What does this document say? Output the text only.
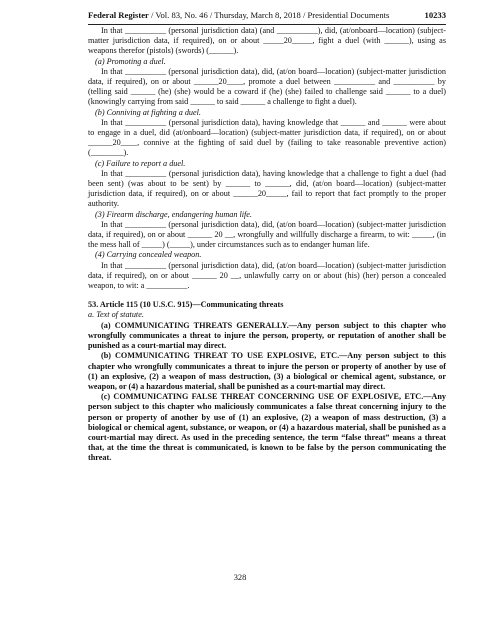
Federal Register / Vol. 83, No. 46 / Thursday, March 8, 2018 / Presidential Documents	10233

In that __________ (personal jurisdiction data) (and __________), did, (at/onboard—location) (subject-matter jurisdiction data, if required), on or about _____20_____, fight a duel (with ______), using as weapons therefor (pistols) (swords) (______).

(a) Promoting a duel.

In that __________ (personal jurisdiction data), did, (at/on board—location) (subject-matter jurisdiction data, if required), on or about ______20____, promote a duel between __________ and __________ by (telling said ______ (he) (she) would be a coward if (he) (she) failed to challenge said ______ to a duel) (knowingly carrying from said ______ to said ______ a challenge to fight a duel).

(b) Conniving at fighting a duel.

In that __________ (personal jurisdiction data), having knowledge that ______ and ______ were about to engage in a duel, did (at/onboard—location) (subject-matter jurisdiction data, if required), on or about ______20____, connive at the fighting of said duel by (failing to take reasonable preventive action) (________).

(c) Failure to report a duel.

In that __________ (personal jurisdiction data), having knowledge that a challenge to fight a duel (had been sent) (was about to be sent) by ______ to ______, did, (at/on board—location) (subject-matter jurisdiction data, if required), on or about ______20_____, fail to report that fact promptly to the proper authority.

(3) Firearm discharge, endangering human life.

In that __________ (personal jurisdiction data), did, (at/on board—location) (subject-matter jurisdiction data, if required), on or about ______ 20 __, wrongfully and willfully discharge a firearm, to wit: _____, (in the mess hall of _____) (_____), under circumstances such as to endanger human life.

(4) Carrying concealed weapon.

In that __________ (personal jurisdiction data), did, (at/on board—location) (subject-matter jurisdiction data, if required), on or about ______ 20 __, unlawfully carry on or about (his) (her) person a concealed weapon, to wit: a __________.

53. Article 115 (10 U.S.C. 915)—Communicating threats

a. Text of statute.

(a) COMMUNICATING THREATS GENERALLY.—Any person subject to this chapter who wrongfully communicates a threat to injure the person, property, or reputation of another shall be punished as a court-martial may direct.

(b) COMMUNICATING THREAT TO USE EXPLOSIVE, ETC.—Any person subject to this chapter who wrongfully communicates a threat to injure the person or property of another by use of (1) an explosive, (2) a weapon of mass destruction, (3) a biological or chemical agent, substance, or weapon, or (4) a hazardous material, shall be punished as a court-martial may direct.

(c) COMMUNICATING FALSE THREAT CONCERNING USE OF EXPLOSIVE, ETC.—Any person subject to this chapter who maliciously communicates a false threat concerning injury to the person or property of another by use of (1) an explosive, (2) a weapon of mass destruction, (3) a biological or chemical agent, substance, or weapon, or (4) a hazardous material, shall be punished as a court-martial may direct. As used in the preceding sentence, the term “false threat” means a threat that, at the time the threat is communicated, is known to be false by the person communicating the threat.

328
